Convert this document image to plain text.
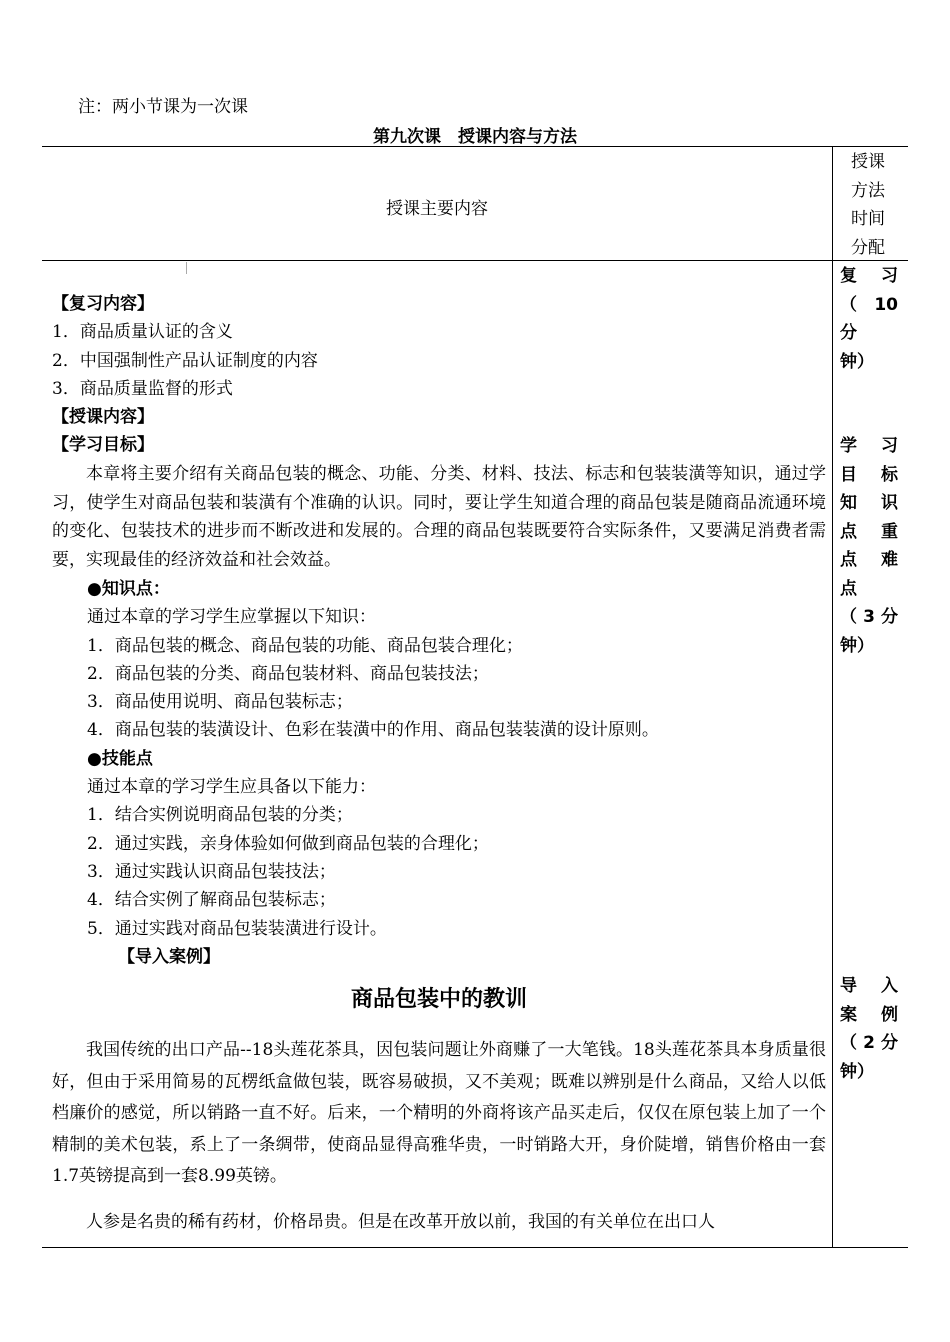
注：两小节课为一次课
第九次课　授课内容与方法
授课主要内容
授课
方法
时间
分配
【复习内容】
1．商品质量认证的含义
2．中国强制性产品认证制度的内容
3．商品质量监督的形式
【授课内容】
【学习目标】
本章将主要介绍有关商品包装的概念、功能、分类、材料、技法、标志和包装装潢等知识，通过学习，使学生对商品包装和装潢有个准确的认识。同时，要让学生知道合理的商品包装是随商品流通环境的变化、包装技术的进步而不断改进和发展的。合理的商品包装既要符合实际条件，又要满足消费者需要，实现最佳的经济效益和社会效益。
●知识点：
通过本章的学习学生应掌握以下知识：
1．商品包装的概念、商品包装的功能、商品包装合理化；
2．商品包装的分类、商品包装材料、商品包装技法；
3．商品使用说明、商品包装标志；
4．商品包装的装潢设计、色彩在装潢中的作用、商品包装装潢的设计原则。
●技能点
通过本章的学习学生应具备以下能力：
1．结合实例说明商品包装的分类；
2．通过实践，亲身体验如何做到商品包装的合理化；
3．通过实践认识商品包装技法；
4．结合实例了解商品包装标志；
5．通过实践对商品包装装潢进行设计。
【导入案例】
商品包装中的教训
我国传统的出口产品--18头莲花茶具，因包装问题让外商赚了一大笔钱。18头莲花茶具本身质量很好，但由于采用简易的瓦楞纸盒做包装，既容易破损，又不美观；既难以辨别是什么商品，又给人以低档廉价的感觉，所以销路一直不好。后来，一个精明的外商将该产品买走后，仅仅在原包装上加了一个精制的美术包装，系上了一条绸带，使商品显得高雅华贵，一时销路大开，身价陡增，销售价格由一套1.7英镑提高到一套8.99英镑。
人参是名贵的稀有药材，价格昂贵。但是在改革开放以前，我国的有关单位在出口人
复　习
（　10
分
钟）
学　习
目　标
知　识
点　重
点　难
点
（3分
钟）
导　入
案　例
（2分
钟）
